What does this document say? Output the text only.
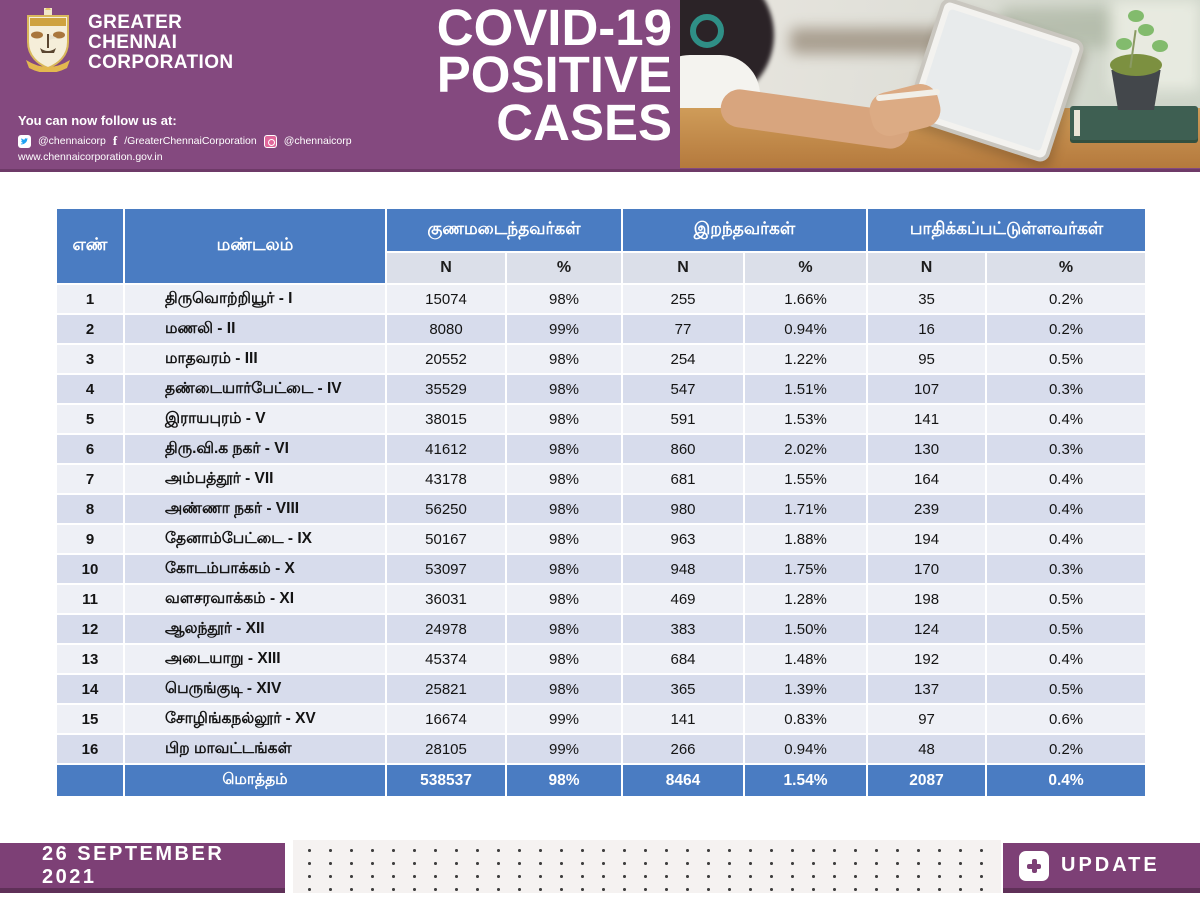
GREATER
CHENNAI
CORPORATION
You can now follow us at:
@chennaicorp f /GreaterChennaiCorporation	@chennaicorp
www.chennaicorporation.gov.in
COVID-19
POSITIVE
CASES
எண்	மண்டலம்	குணமடைந்தவர்கள்		இறந்தவர்கள்		பாதிக்கப்பட்டுள்ளவர்கள்	
		N	%	N	%	N	%
1	திருவொற்றியூர் - I	15074	98%	255	1.66%	35	0.2%
2	மணலி - II	8080	99%	77	0.94%	16	0.2%
3	மாதவரம் - III	20552	98%	254	1.22%	95	0.5%
4	தண்டையார்பேட்டை - IV	35529	98%	547	1.51%	107	0.3%
5	இராயபுரம் - V	38015	98%	591	1.53%	141	0.4%
6	திரு.வி.க நகர் - VI	41612	98%	860	2.02%	130	0.3%
7	அம்பத்தூர் - VII	43178	98%	681	1.55%	164	0.4%
8	அண்ணா நகர் - VIII	56250	98%	980	1.71%	239	0.4%
9	தேனாம்பேட்டை - IX	50167	98%	963	1.88%	194	0.4%
10	கோடம்பாக்கம் - X	53097	98%	948	1.75%	170	0.3%
11	வளசரவாக்கம் - XI	36031	98%	469	1.28%	198	0.5%
12	ஆலந்தூர் - XII	24978	98%	383	1.50%	124	0.5%
13	அடையாறு - XIII	45374	98%	684	1.48%	192	0.4%
14	பெருங்குடி - XIV	25821	98%	365	1.39%	137	0.5%
15	சோழிங்கநல்லூர் - XV	16674	99%	141	0.83%	97	0.6%
16	பிற மாவட்டங்கள்	28105	99%	266	0.94%	48	0.2%
	மொத்தம்	538537	98%	8464	1.54%	2087	0.4%
26 SEPTEMBER 2021
UPDATE
